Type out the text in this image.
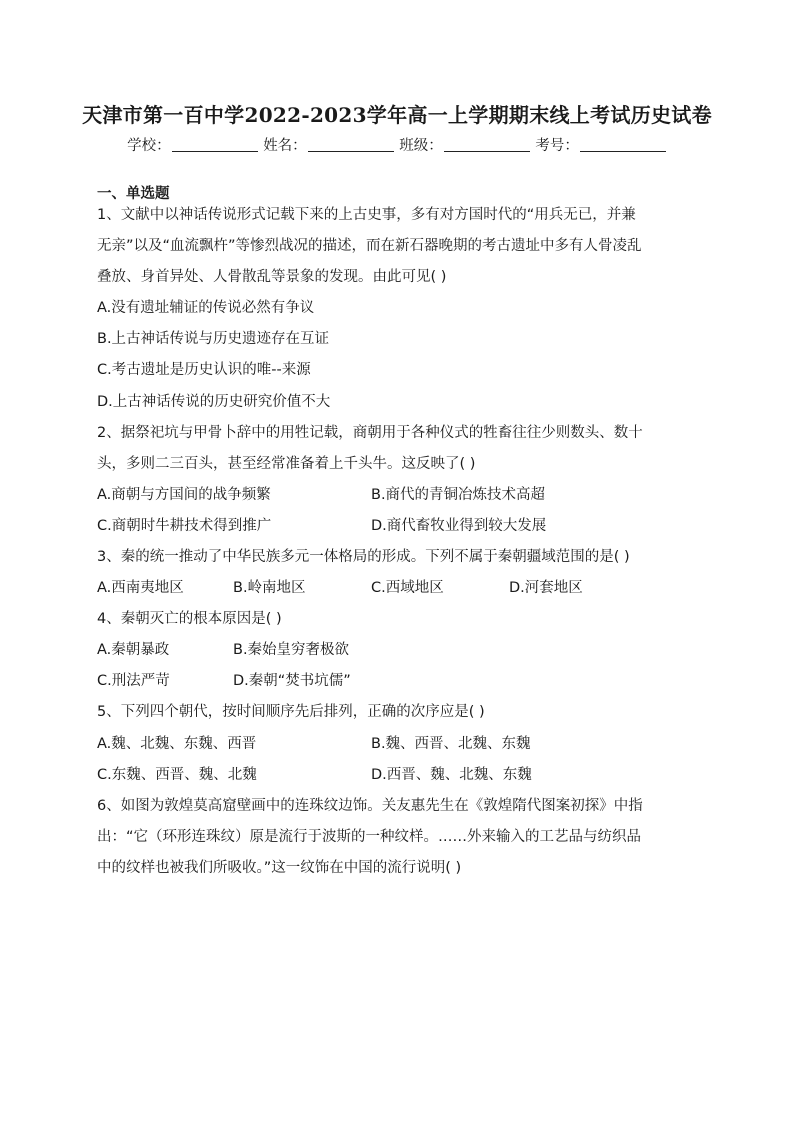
天津市第一百中学2022-2023学年高一上学期期末线上考试历史试卷
学校：	姓名：	班级：	考号：
一、单选题
1、文献中以神话传说形式记载下来的上古史事，多有对方国时代的“用兵无已，并兼
无亲”以及“血流飘杵”等惨烈战况的描述，而在新石器晚期的考古遗址中多有人骨凌乱
叠放、身首异处、人骨散乱等景象的发现。由此可见( )
A.没有遗址辅证的传说必然有争议
B.上古神话传说与历史遗迹存在互证
C.考古遗址是历史认识的唯--来源
D.上古神话传说的历史研究价值不大
2、据祭祀坑与甲骨卜辞中的用牲记载，商朝用于各种仪式的牲畜往往少则数头、数十
头，多则二三百头，甚至经常准备着上千头牛。这反映了( )
A.商朝与方国间的战争频繁	B.商代的青铜冶炼技术高超
C.商朝时牛耕技术得到推广	D.商代畜牧业得到较大发展
3、秦的统一推动了中华民族多元一体格局的形成。下列不属于秦朝疆域范围的是( )
A.西南夷地区	B.岭南地区	C.西域地区	D.河套地区
4、秦朝灭亡的根本原因是( )
A.秦朝暴政	B.秦始皇穷奢极欲
C.刑法严苛	D.秦朝“焚书坑儒”
5、下列四个朝代，按时间顺序先后排列，正确的次序应是( )
A.魏、北魏、东魏、西晋	B.魏、西晋、北魏、东魏
C.东魏、西晋、魏、北魏	D.西晋、魏、北魏、东魏
6、如图为敦煌莫高窟壁画中的连珠纹边饰。关友惠先生在《敦煌隋代图案初探》中指
出：“它（环形连珠纹）原是流行于波斯的一种纹样。……外来输入的工艺品与纺织品
中的纹样也被我们所吸收。”这一纹饰在中国的流行说明( )
